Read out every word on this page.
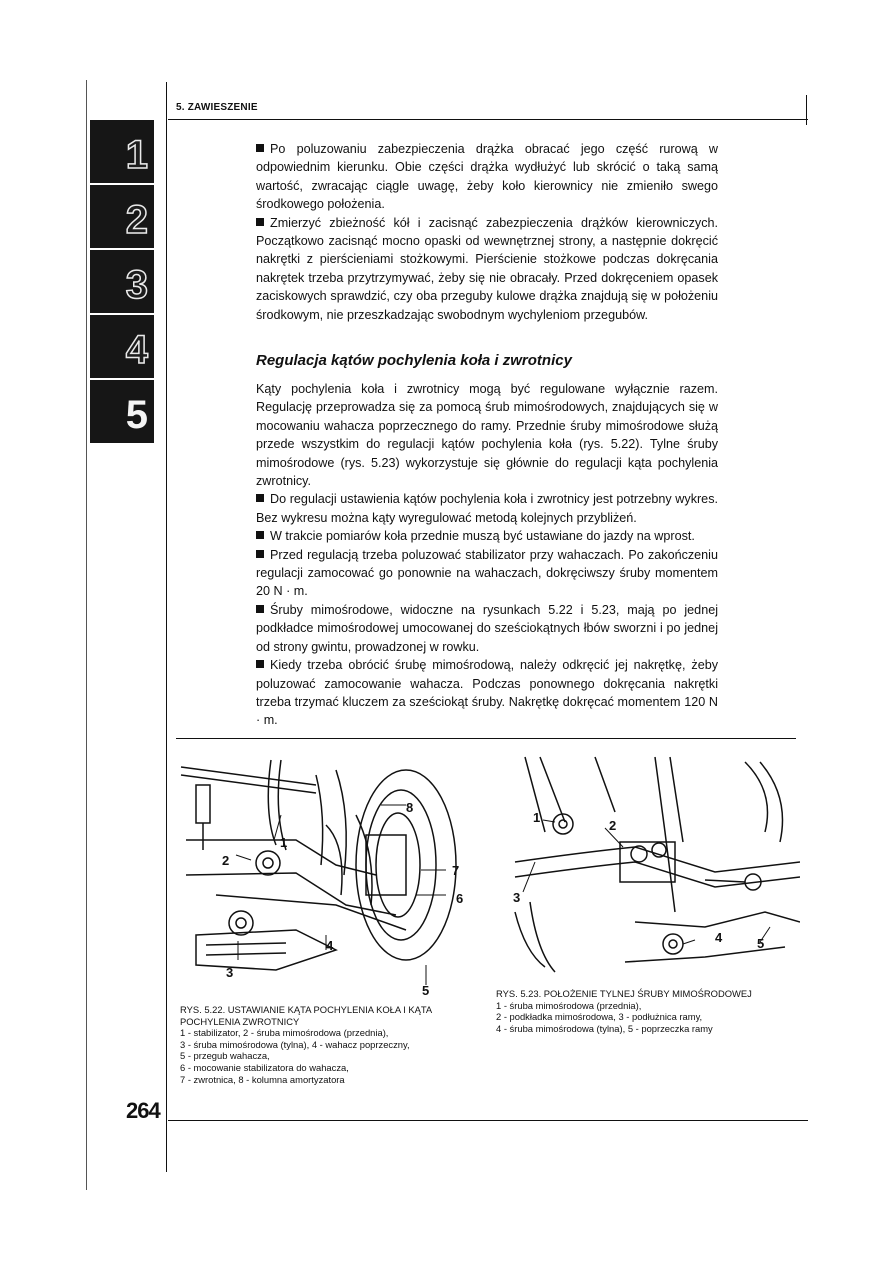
1
2
3
4
5
5. ZAWIESZENIE

Po poluzowaniu zabezpieczenia drążka obracać jego część rurową w odpowiednim kierunku. Obie części drążka wydłużyć lub skrócić o taką samą wartość, zwracając ciągle uwagę, żeby koło kierownicy nie zmieniło swego środkowego położenia.

Zmierzyć zbieżność kół i zacisnąć zabezpieczenia drążków kierowniczych. Początkowo zacisnąć mocno opaski od wewnętrznej strony, a następnie dokręcić nakrętki z pierścieniami stożkowymi. Pierścienie stożkowe podczas dokręcania nakrętek trzeba przytrzymywać, żeby się nie obracały. Przed dokręceniem opasek zaciskowych sprawdzić, czy oba przeguby kulowe drążka znajdują się w położeniu środkowym, nie przeszkadzając swobodnym wychyleniom przegubów.

Regulacja kątów pochylenia koła i zwrotnicy

Kąty pochylenia koła i zwrotnicy mogą być regulowane wyłącznie razem. Regulację przeprowadza się za pomocą śrub mimośrodowych, znajdujących się w mocowaniu wahacza poprzecznego do ramy. Przednie śruby mimośrodowe służą przede wszystkim do regulacji kątów pochylenia koła (rys. 5.22). Tylne śruby mimośrodowe (rys. 5.23) wykorzystuje się głównie do regulacji kąta pochylenia zwrotnicy.

Do regulacji ustawienia kątów pochylenia koła i zwrotnicy jest potrzebny wykres. Bez wykresu można kąty wyregulować metodą kolejnych przybliżeń.

W trakcie pomiarów koła przednie muszą być ustawiane do jazdy na wprost.

Przed regulacją trzeba poluzować stabilizator przy wahaczach. Po zakończeniu regulacji zamocować go ponownie na wahaczach, dokręciwszy śruby momentem 20 N · m.

Śruby mimośrodowe, widoczne na rysunkach 5.22 i 5.23, mają po jednej podkładce mimośrodowej umocowanej do sześciokątnych łbów sworzni i po jednej od strony gwintu, prowadzonej w rowku.

Kiedy trzeba obrócić śrubę mimośrodową, należy odkręcić jej nakrętkę, żeby poluzować zamocowanie wahacza. Podczas ponownego dokręcania nakrętki trzeba trzymać kluczem za sześciokąt śruby. Nakrętkę dokręcać momentem 120 N · m.

1
2
3
4
5
6
7
8
RYS. 5.22. USTAWIANIE KĄTA POCHYLENIA KOŁA I KĄTA POCHYLENIA ZWROTNICY

1 - stabilizator, 2 - śruba mimośrodowa (przednia),

3 - śruba mimośrodowa (tylna), 4 - wahacz poprzeczny,

5 - przegub wahacza,

6 - mocowanie stabilizatora do wahacza,

7 - zwrotnica, 8 - kolumna amortyzatora

1
2
3
4	5
RYS. 5.23. POŁOŻENIE TYLNEJ ŚRUBY MIMOŚRODOWEJ

1 - śruba mimośrodowa (przednia),

2 - podkładka mimośrodowa, 3 - podłużnica ramy,

4 - śruba mimośrodowa (tylna), 5 - poprzeczka ramy

264
